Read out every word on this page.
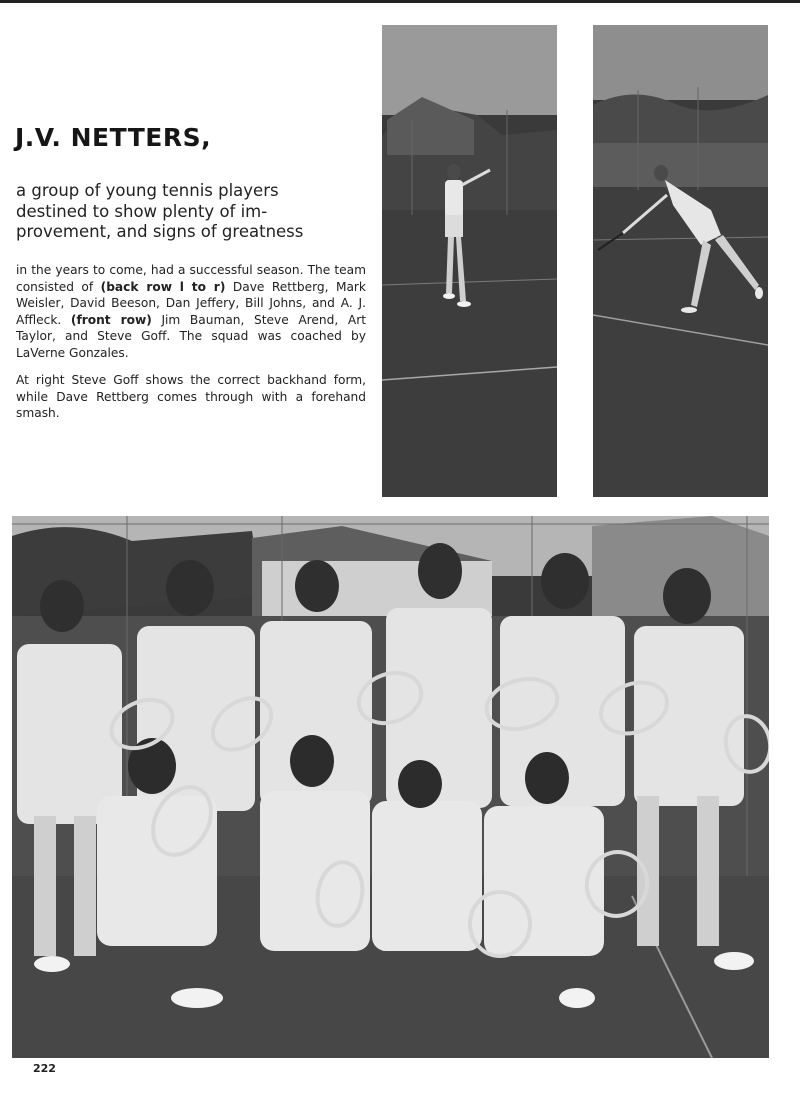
J.V. NETTERS,
a group of young tennis players
destined to show plenty of im-
provement, and signs of greatness

in the years to come, had a successful season. The team consisted of (back row l to r) Dave Rettberg, Mark Weisler, David Beeson, Dan Jeffery, Bill Johns, and A. J. Affleck. (front row) Jim Bauman, Steve Arend, Art Taylor, and Steve Goff. The squad was coached by LaVerne Gonzales.

At right Steve Goff shows the correct backhand form, while Dave Rettberg comes through with a forehand smash.

222
